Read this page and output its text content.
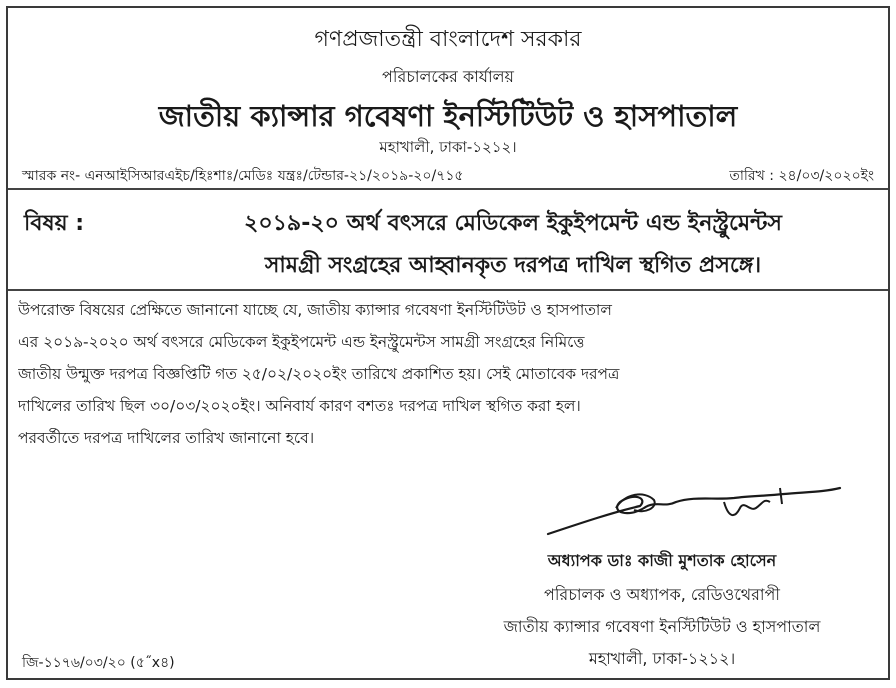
গণপ্রজাতন্ত্রী বাংলাদেশ সরকার
পরিচালকের কার্যালয়
জাতীয় ক্যান্সার গবেষণা ইনস্টিটিউট ও হাসপাতাল
মহাখালী, ঢাকা-১২১২।
স্মারক নং- এনআইসিআরএইচ/হিঃশাঃ/মেডিঃ যন্ত্রঃ/টেন্ডার-২১/২০১৯-২০/৭১৫	তারিখ : ২৪/০৩/২০২০ইং
বিষয় :	২০১৯-২০ অর্থ বৎসরে মেডিকেল ইকুইপমেন্ট এন্ড ইনস্ট্রুমেন্টস
সামগ্রী সংগ্রহের আহ্বানকৃত দরপত্র দাখিল স্থগিত প্রসঙ্গে।
উপরোক্ত বিষয়ের প্রেক্ষিতে জানানো যাচ্ছে যে, জাতীয় ক্যান্সার গবেষণা ইনস্টিটিউট ও হাসপাতাল
এর ২০১৯-২০২০ অর্থ বৎসরে মেডিকেল ইকুইপমেন্ট এন্ড ইনস্ট্রুমেন্টস সামগ্রী সংগ্রহের নিমিত্তে
জাতীয় উন্মুক্ত দরপত্র বিজ্ঞপ্তিটি গত ২৫/০২/২০২০ইং তারিখে প্রকাশিত হয়। সেই মোতাবেক দরপত্র
দাখিলের তারিখ ছিল ৩০/০৩/২০২০ইং। অনিবার্য কারণ বশতঃ দরপত্র দাখিল স্থগিত করা হল।
পরবর্তীতে দরপত্র দাখিলের তারিখ জানানো হবে।
অধ্যাপক ডাঃ কাজী মুশতাক হোসেন
পরিচালক ও অধ্যাপক, রেডিওথেরাপী
জাতীয় ক্যান্সার গবেষণা ইনস্টিটিউট ও হাসপাতাল
মহাখালী, ঢাকা-১২১২।
জি-১১৭৬/০৩/২০ (৫˝x৪)
